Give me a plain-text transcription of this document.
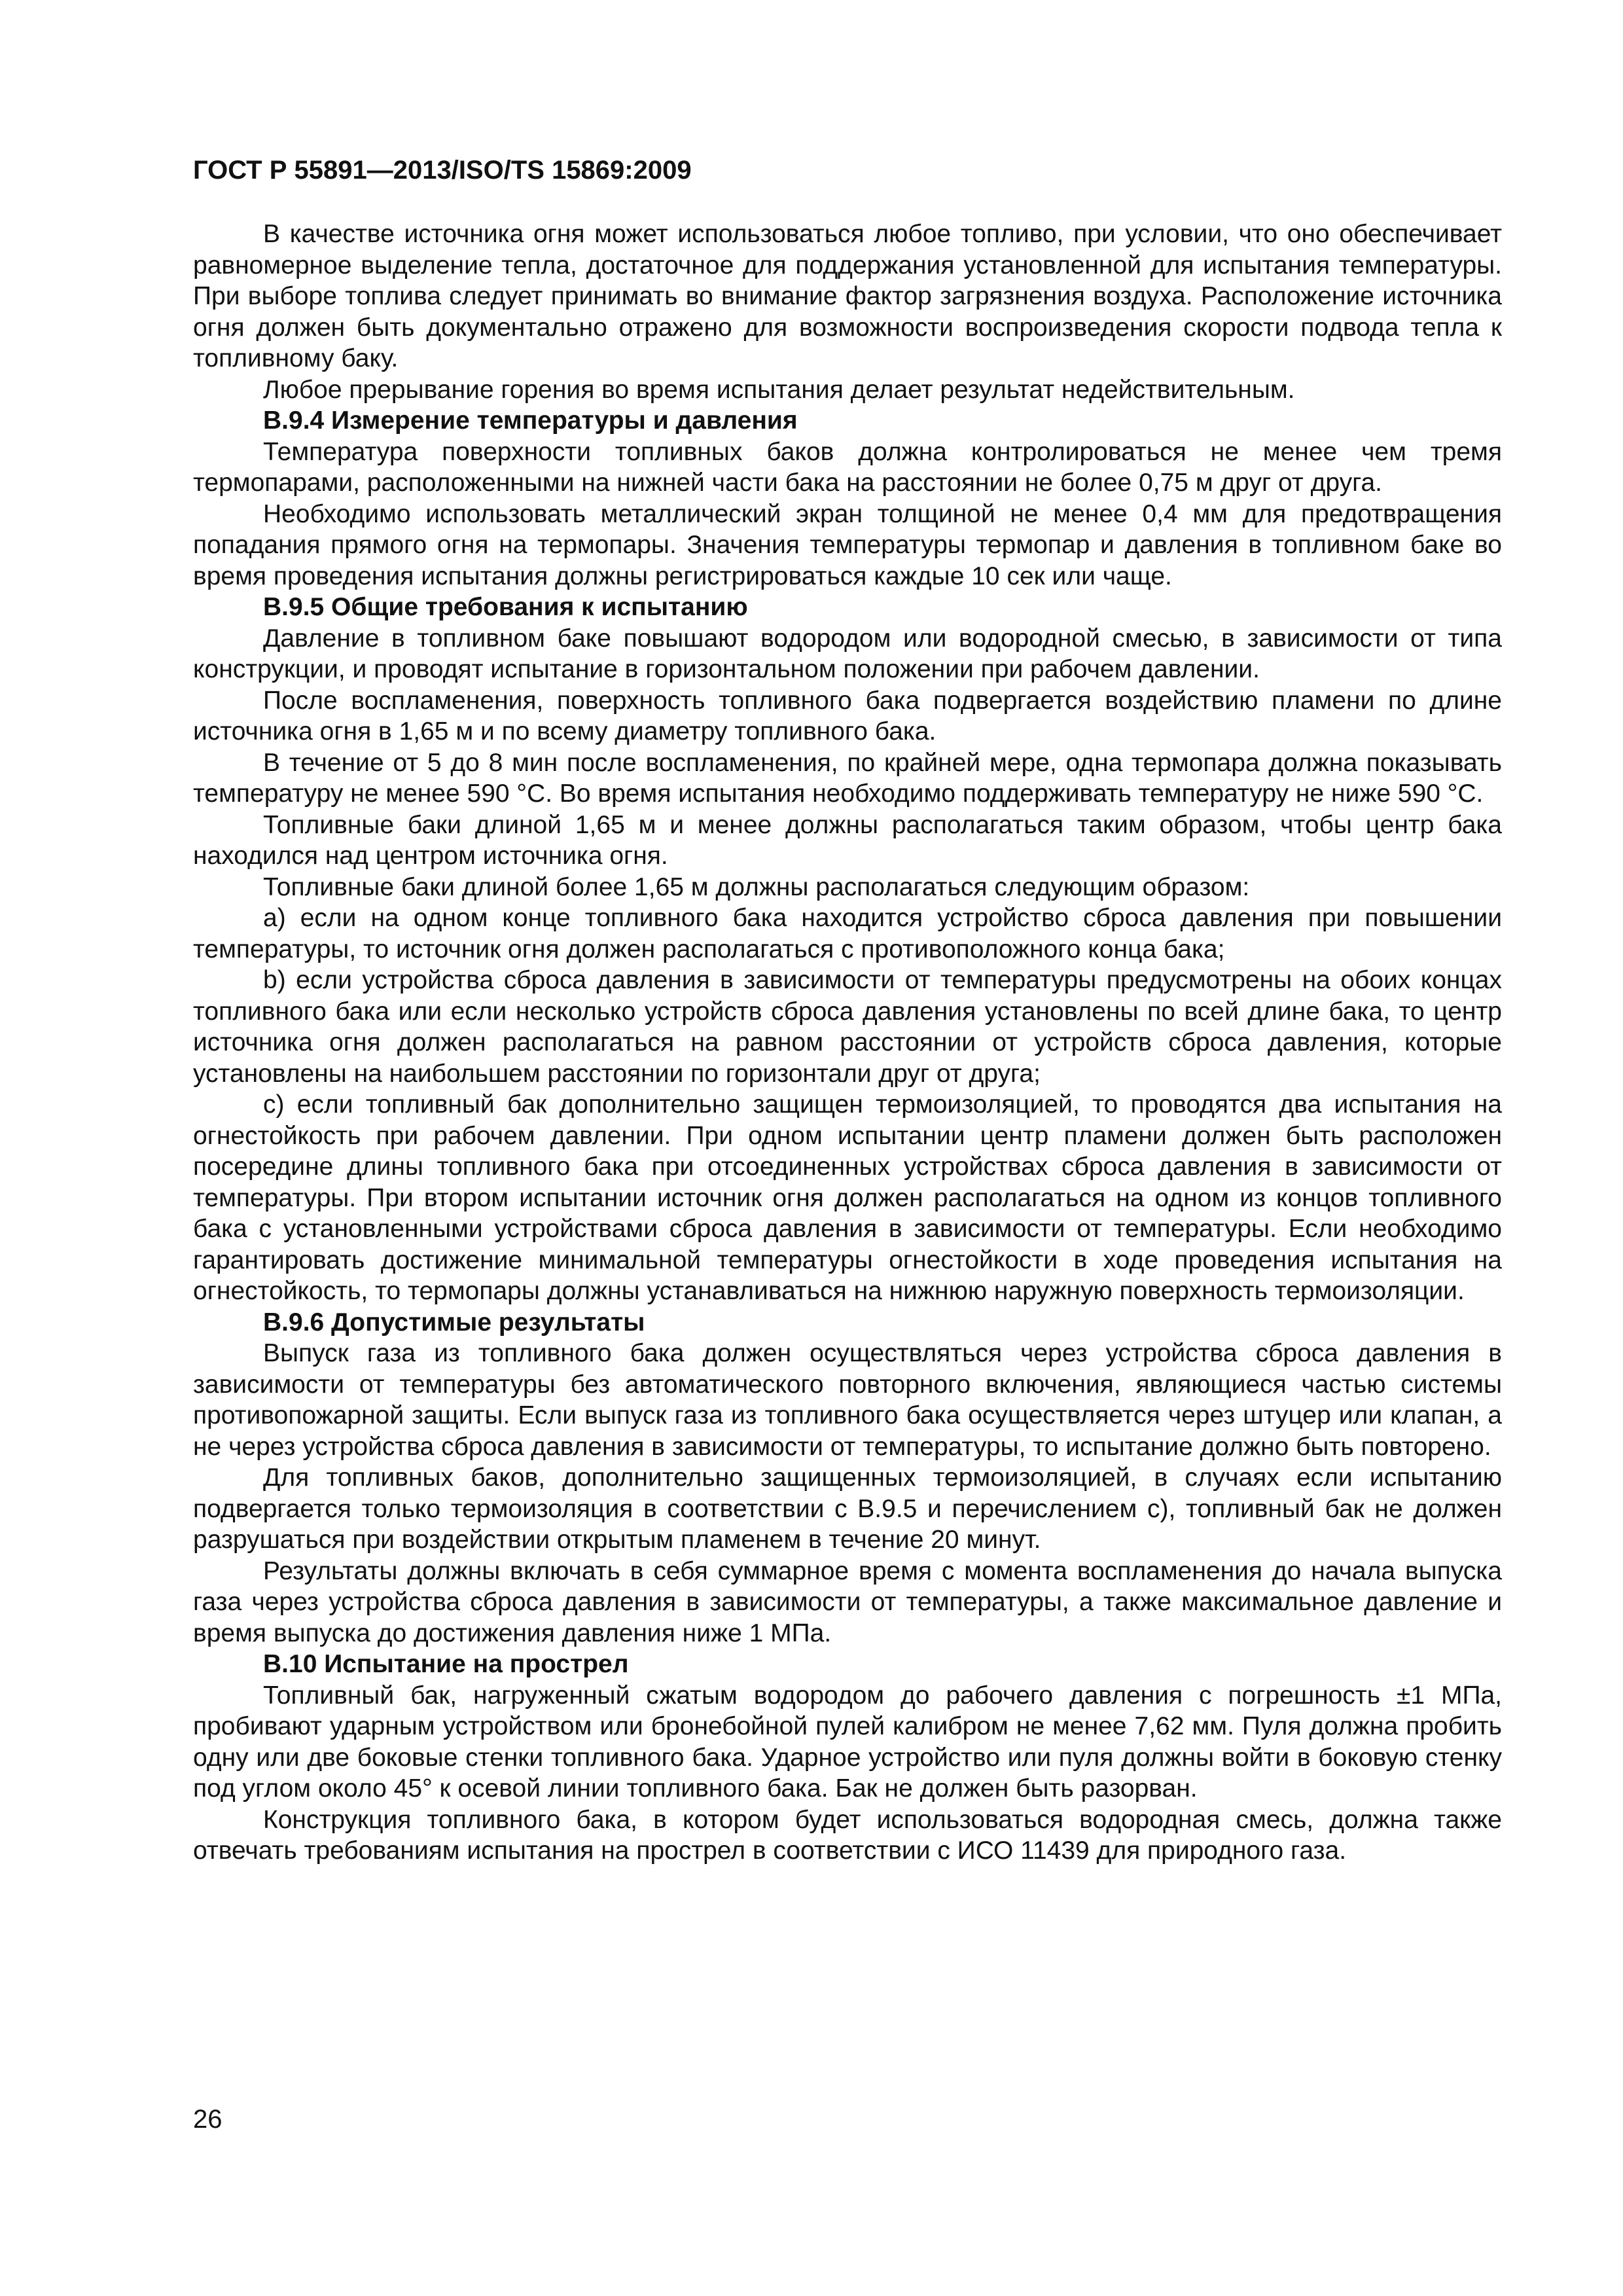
ГОСТ Р 55891—2013/ISO/TS 15869:2009

В качестве источника огня может использоваться любое топливо, при условии, что оно обеспечивает равномерное выделение тепла, достаточное для поддержания установленной для испытания температуры. При выборе топлива следует принимать во внимание фактор загрязнения воздуха. Расположение источника огня должен быть документально отражено для возможности воспроизведения скорости подвода тепла к топливному баку.

Любое прерывание горения во время испытания делает результат недействительным.

В.9.4 Измерение температуры и давления

Температура поверхности топливных баков должна контролироваться не менее чем тремя термопарами, расположенными на нижней части бака на расстоянии не более 0,75 м друг от друга.

Необходимо использовать металлический экран толщиной не менее 0,4 мм для предотвращения попадания прямого огня на термопары. Значения температуры термопар и давления в топливном баке во время проведения испытания должны регистрироваться каждые 10 сек или чаще.

В.9.5 Общие требования к испытанию

Давление в топливном баке повышают водородом или водородной смесью, в зависимости от типа конструкции, и проводят испытание в горизонтальном положении при рабочем давлении.

После воспламенения, поверхность топливного бака подвергается воздействию пламени по длине источника огня в 1,65 м и по всему диаметру топливного бака.

В течение от 5 до 8 мин после воспламенения, по крайней мере, одна термопара должна показывать температуру не менее 590 °С. Во время испытания необходимо поддерживать температуру не ниже 590 °С.

Топливные баки длиной 1,65 м и менее должны располагаться таким образом, чтобы центр бака находился над центром источника огня.

Топливные баки длиной более 1,65 м должны располагаться следующим образом:

а) если на одном конце топливного бака находится устройство сброса давления при повышении температуры, то источник огня должен располагаться с противоположного конца бака;

b) если устройства сброса давления в зависимости от температуры предусмотрены на обоих концах топливного бака или если несколько устройств сброса давления установлены по всей длине бака, то центр источника огня должен располагаться на равном расстоянии от устройств сброса давления, которые установлены на наибольшем расстоянии по горизонтали друг от друга;

с) если топливный бак дополнительно защищен термоизоляцией, то проводятся два испытания на огнестойкость при рабочем давлении. При одном испытании центр пламени должен быть расположен посередине длины топливного бака при отсоединенных устройствах сброса давления в зависимости от температуры. При втором испытании источник огня должен располагаться на одном из концов топливного бака с установленными устройствами сброса давления в зависимости от температуры. Если необходимо гарантировать достижение минимальной температуры огнестойкости в ходе проведения испытания на огнестойкость, то термопары должны устанавливаться на нижнюю наружную поверхность термоизоляции.

В.9.6 Допустимые результаты

Выпуск газа из топливного бака должен осуществляться через устройства сброса давления в зависимости от температуры без автоматического повторного включения, являющиеся частью системы противопожарной защиты. Если выпуск газа из топливного бака осуществляется через штуцер или клапан, а не через устройства сброса давления в зависимости от температуры, то испытание должно быть повторено.

Для топливных баков, дополнительно защищенных термоизоляцией, в случаях если испытанию подвергается только термоизоляция в соответствии с В.9.5 и перечислением с), топливный бак не должен разрушаться при воздействии открытым пламенем в течение 20 минут.

Результаты должны включать в себя суммарное время с момента воспламенения до начала выпуска газа через устройства сброса давления в зависимости от температуры, а также максимальное давление и время выпуска до достижения давления ниже 1 МПа.

В.10 Испытание на прострел

Топливный бак, нагруженный сжатым водородом до рабочего давления с погрешность ±1 МПа, пробивают ударным устройством или бронебойной пулей калибром не менее 7,62 мм. Пуля должна пробить одну или две боковые стенки топливного бака. Ударное устройство или пуля должны войти в боковую стенку под углом около 45° к осевой линии топливного бака. Бак не должен быть разорван.

Конструкция топливного бака, в котором будет использоваться водородная смесь, должна также отвечать требованиям испытания на прострел в соответствии с ИСО 11439 для природного газа.

26
